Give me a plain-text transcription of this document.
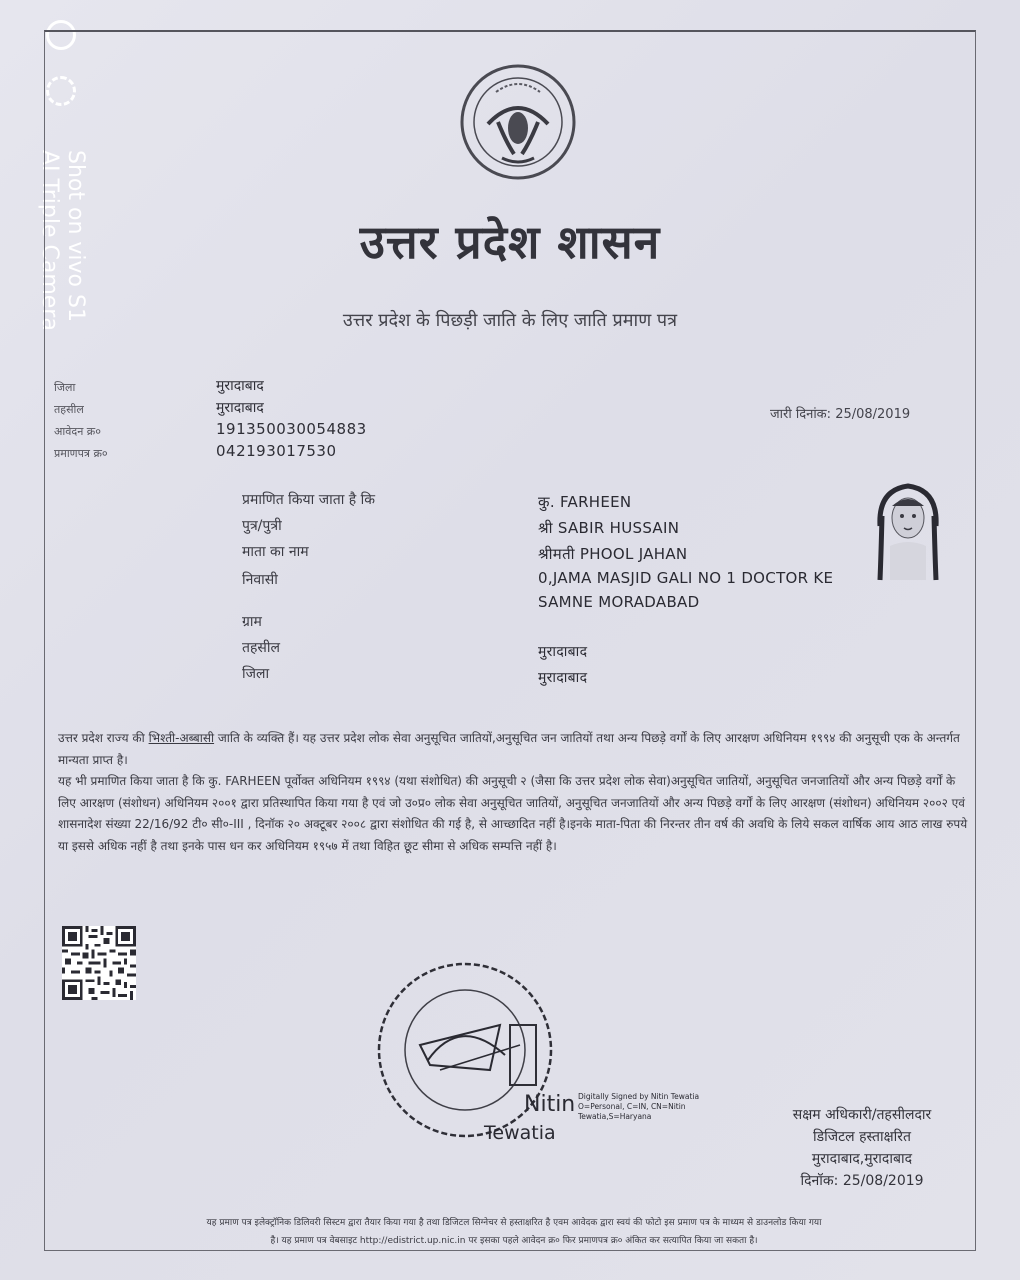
Shot on vivo S1
AI Triple Camera	उत्तर प्रदेश शासन
उत्तर प्रदेश के पिछड़ी जाति के लिए जाति प्रमाण पत्र
जिला	मुरादाबाद
तहसील	मुरादाबाद
आवेदन क्र०	191350030054883
प्रमाणपत्र क्र०	042193017530
जारी दिनांक: 25/08/2019
प्रमाणित किया जाता है कि	कु. FARHEEN
पुत्र/पुत्री	श्री SABIR HUSSAIN
माता का नाम	श्रीमती PHOOL JAHAN
निवासी	0,JAMA MASJID GALI NO 1 DOCTOR KE SAMNE MORADABAD
ग्राम
तहसील	मुरादाबाद
जिला	मुरादाबाद

उत्तर प्रदेश राज्य की भिश्ती-अब्बासी जाति के व्यक्ति हैं। यह उत्तर प्रदेश लोक सेवा अनुसूचित जातियों,अनुसूचित जन जातियों तथा अन्य पिछड़े वर्गों के लिए आरक्षण अधिनियम १९९४ की अनुसूची एक के अन्तर्गत मान्यता प्राप्त है।

यह भी प्रमाणित किया जाता है कि कु. FARHEEN पूर्वोक्त अधिनियम १९९४ (यथा संशोधित) की अनुसूची २ (जैसा कि उत्तर प्रदेश लोक सेवा)अनुसूचित जातियों, अनुसूचित जनजातियों और अन्य पिछड़े वर्गों के लिए आरक्षण (संशोधन) अधिनियम २००१ द्वारा प्रतिस्थापित किया गया है एवं जो उ०प्र० लोक सेवा अनुसूचित जातियों, अनुसूचित जनजातियों और अन्य पिछड़े वर्गों के लिए आरक्षण (संशोधन) अधिनियम २००२ एवं शासनादेश संख्या 22/16/92 टी० सी०-III , दिनॉक २० अक्टूबर २००८ द्वारा संशोधित की गई है, से आच्छादित नहीं है।इनके माता-पिता की निरन्तर तीन वर्ष की अवधि के लिये सकल वार्षिक आय आठ लाख रुपये या इससे अधिक नहीं है तथा इनके पास धन कर अधिनियम १९५७ में तथा विहित छूट सीमा से अधिक सम्पत्ति नहीं है।

Nitin
Tewatia
Digitally Signed by Nitin Tewatia O=Personal, C=IN, CN=Nitin Tewatia,S=Haryana	सक्षम अधिकारी/तहसीलदार
डिजिटल हस्ताक्षरित
मुरादाबाद,मुरादाबाद
दिनॉक: 25/08/2019

यह प्रमाण पत्र इलेक्ट्रॉनिक डिलिवरी सिस्टम द्वारा तैयार किया गया है तथा डिजिटल सिग्नेचर से हस्ताक्षरित है एवम आवेदक द्वारा स्वयं की फोटो इस प्रमाण पत्र के माध्यम से डाउनलोड किया गया

है। यह प्रमाण पत्र वेबसाइट http://edistrict.up.nic.in पर इसका पहले आवेदन क्र० फिर प्रमाणपत्र क्र० अंकित कर सत्यापित किया जा सकता है।
